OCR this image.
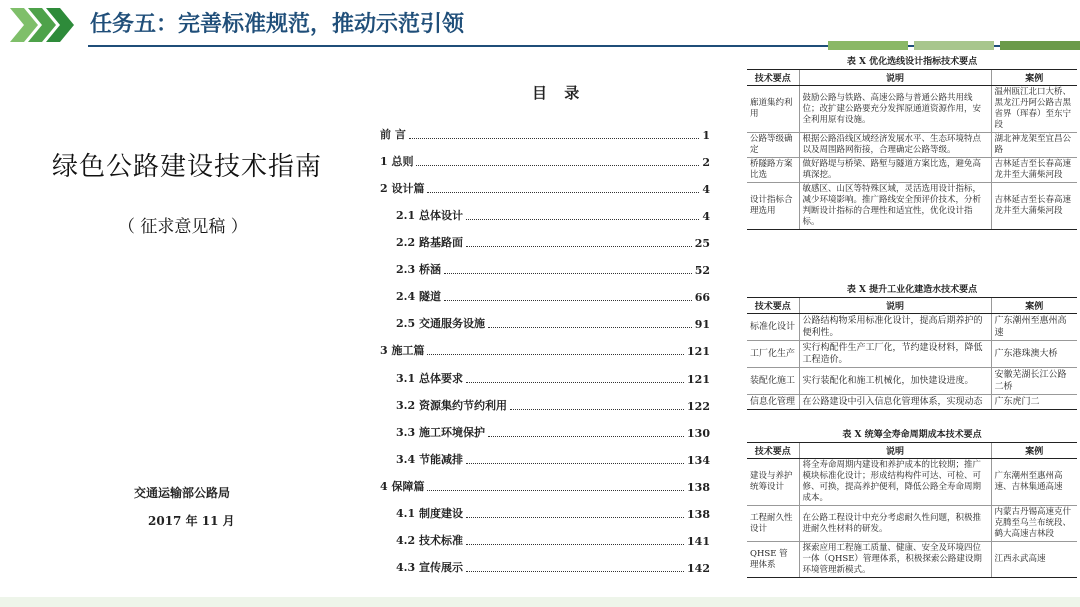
任务五：完善标准规范，推动示范引领
绿色公路建设技术指南
（ 征求意见稿 ）
交通运输部公路局
2017 年 11 月
目 录
前 言	1
1 总则	2
2 设计篇	4
2.1 总体设计	4
2.2 路基路面	25
2.3 桥涵	52
2.4 隧道	66
2.5 交通服务设施	91
3 施工篇	121
3.1 总体要求	121
3.2 资源集约节约利用	122
3.3 施工环境保护	130
3.4 节能减排	134
4 保障篇	138
4.1 制度建设	138
4.2 技术标准	141
4.3 宣传展示	142
表 X 优化选线设计指标技术要点
技术要点	说明	案例
廊道集约利用	鼓励公路与铁路、高速公路与普通公路共用线位；改扩建公路要充分发挥原通道资源作用，安全利用原有设施。	温州瓯江北口大桥、黑龙江丹阿公路吉黑省界（珲春）至东宁段
公路等级确定	根据公路沿线区域经济发展水平、生态环境特点以及周围路网衔接，合理确定公路等级。	湖北神龙架至宜昌公路
桥隧路方案比选	做好路堤与桥梁、路堑与隧道方案比选，避免高填深挖。	吉林延吉至长春高速龙井至大蒲柴河段
设计指标合理选用	敏感区、山区等特殊区域，灵活选用设计指标，减少环境影响。推广路线安全预评价技术，分析判断设计指标的合理性和适宜性，优化设计指标。	吉林延吉至长春高速龙井至大蒲柴河段
表 X 提升工业化建造水技术要点
技术要点	说明	案例
标准化设计	公路结构物采用标准化设计，提高后期养护的便利性。	广东潮州至惠州高速
工厂化生产	实行构配件生产工厂化，节约建设材料，降低工程造价。	广东港珠澳大桥
装配化施工	实行装配化和施工机械化，加快建设进度。	安徽芜湖长江公路二桥
信息化管理	在公路建设中引入信息化管理体系，实现动态	广东虎门二
表 X 统筹全寿命周期成本技术要点
技术要点	说明	案例
建设与养护统筹设计	将全寿命周期内建设和养护成本的比较期；推广模块标准化设计；形成结构构件可达、可检、可修、可换，提高养护便利，降低公路全寿命周期成本。	广东潮州至惠州高速、吉林集通高速
工程耐久性设计	在公路工程设计中充分考虑耐久性问题，积极推进耐久性材料的研发。	内蒙古丹锡高速克什克腾至乌兰布统段、鹤大高速吉林段
QHSE 管理体系	探索应用工程施工质量、健康、安全及环境四位一体（QHSE）管理体系，积极探索公路建设期环境管理新模式。	江西永武高速
